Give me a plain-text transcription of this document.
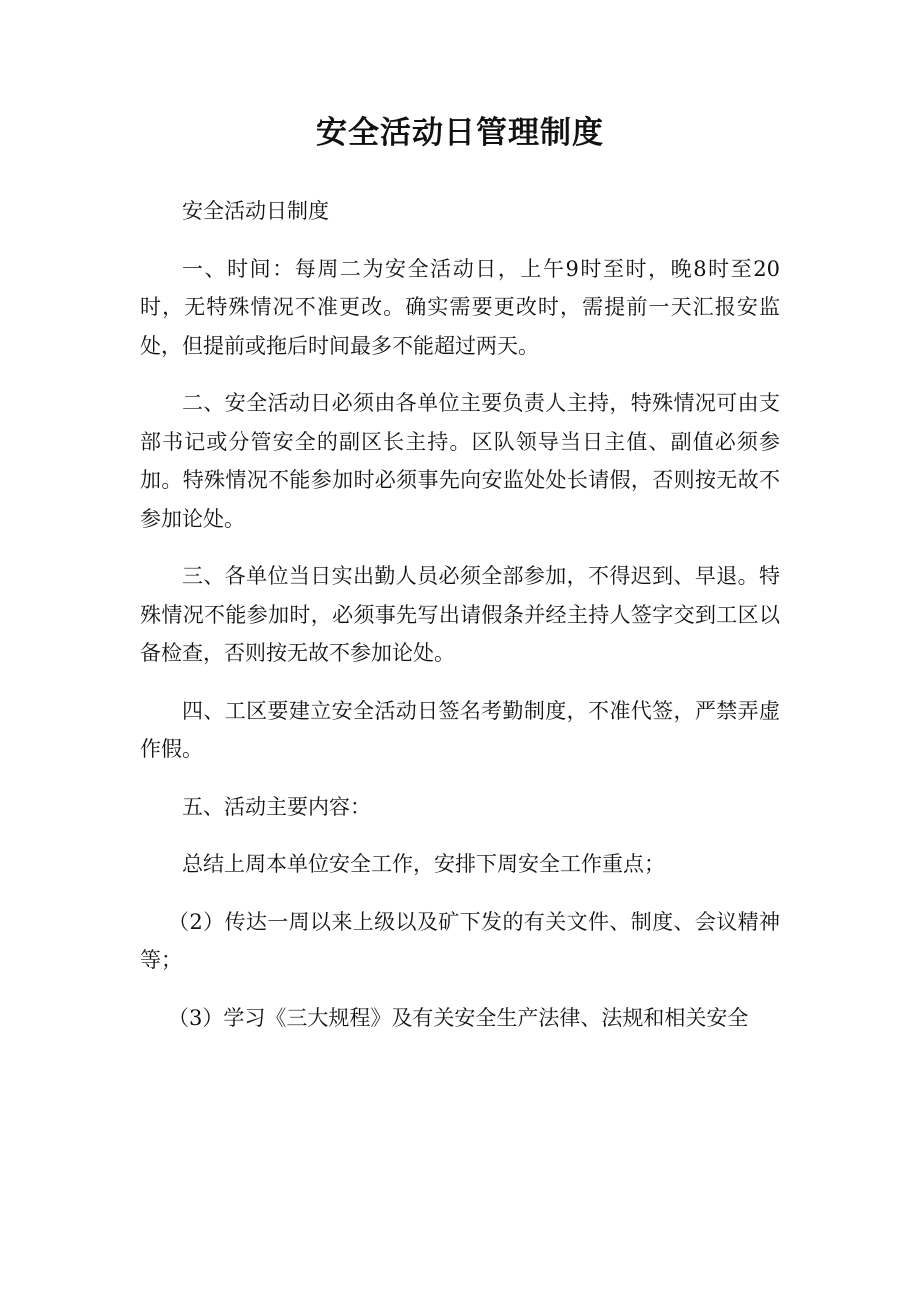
安全活动日管理制度

安全活动日制度

一、时间：每周二为安全活动日，上午9时至时，晚8时至20时，无特殊情况不准更改。确实需要更改时，需提前一天汇报安监处，但提前或拖后时间最多不能超过两天。

二、安全活动日必须由各单位主要负责人主持，特殊情况可由支部书记或分管安全的副区长主持。区队领导当日主值、副值必须参加。特殊情况不能参加时必须事先向安监处处长请假，否则按无故不参加论处。

三、各单位当日实出勤人员必须全部参加，不得迟到、早退。特殊情况不能参加时，必须事先写出请假条并经主持人签字交到工区以备检查，否则按无故不参加论处。

四、工区要建立安全活动日签名考勤制度，不准代签，严禁弄虚作假。

五、活动主要内容：

总结上周本单位安全工作，安排下周安全工作重点；

（2）传达一周以来上级以及矿下发的有关文件、制度、会议精神等；

（3）学习《三大规程》及有关安全生产法律、法规和相关安全
